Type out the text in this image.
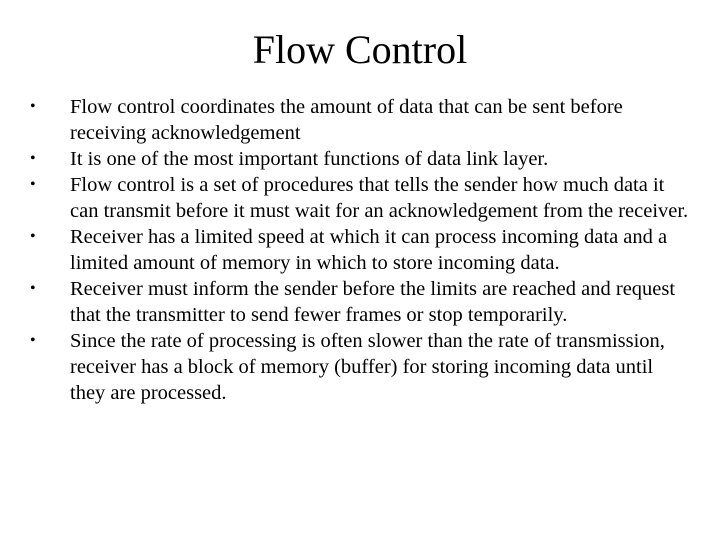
Flow Control
• Flow control coordinates the amount of data that can be sent before receiving acknowledgement
• It is one of the most important functions of data link layer.
• Flow control is a set of procedures that tells the sender how much data it can transmit before it must wait for an acknowledgement from the receiver.
• Receiver has a limited speed at which it can process incoming data and a limited amount of memory in which to store incoming data.
• Receiver must inform the sender before the limits are reached and request that the transmitter to send fewer frames or stop temporarily.
• Since the rate of processing is often slower than the rate of transmission, receiver has a block of memory (buffer) for storing incoming data until they are processed.
